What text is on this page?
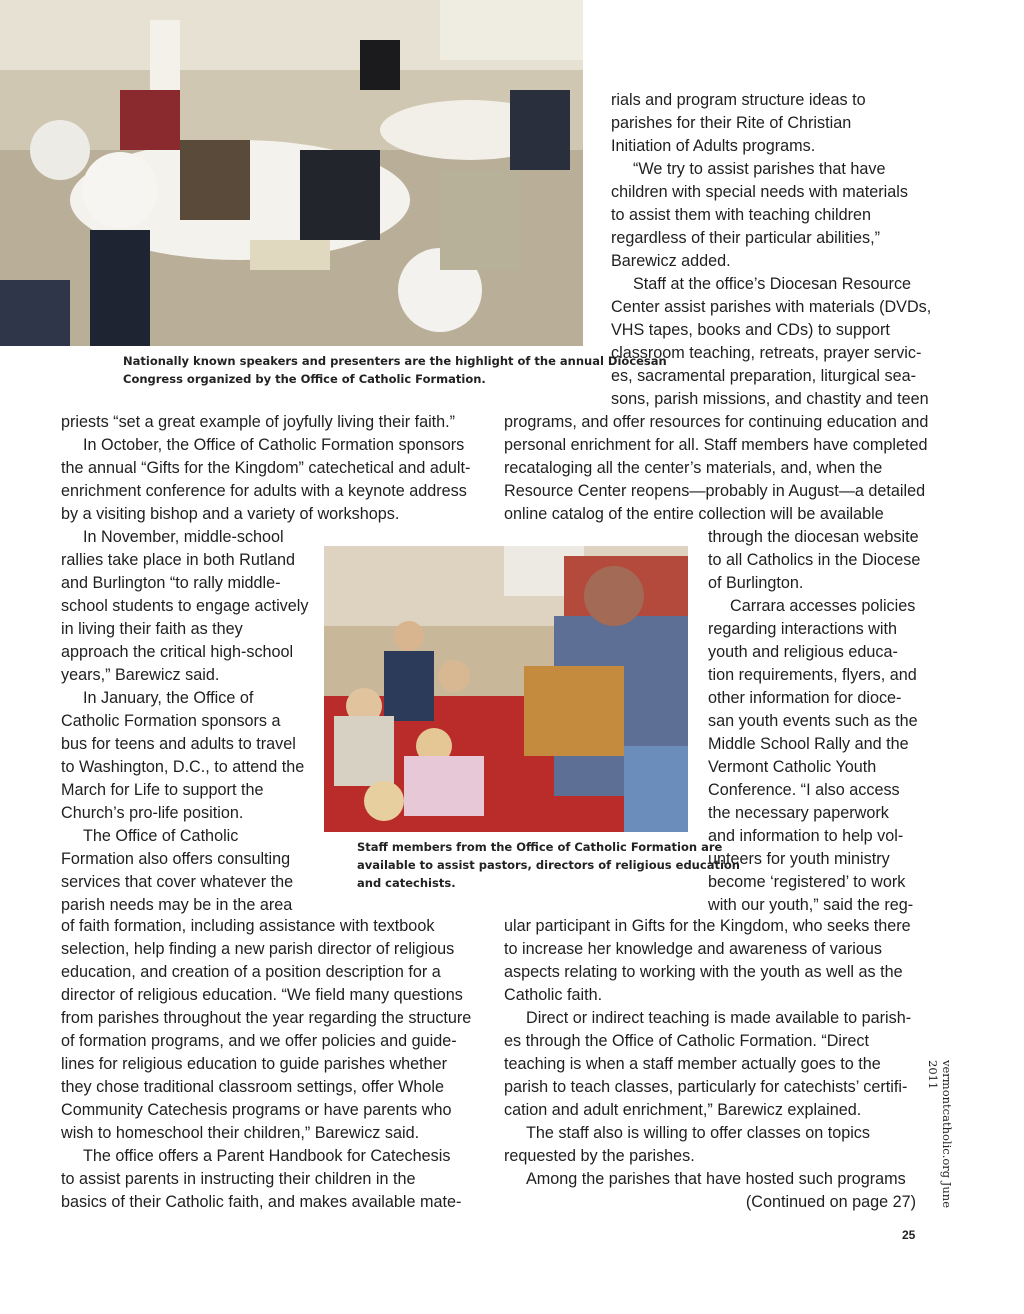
Nationally known speakers and presenters are the highlight of the annual Diocesan
Congress organized by the Office of Catholic Formation.
Staff members from the Office of Catholic Formation are
available to assist pastors, directors of religious education
and catechists.
rials and program structure ideas to
parishes for their Rite of Christian
Initiation of Adults programs.
“We try to assist parishes that have
children with special needs with materials
to assist them with teaching children
regardless of their particular abilities,”
Barewicz added.
Staff at the office’s Diocesan Resource
Center assist parishes with materials (DVDs,
VHS tapes, books and CDs) to support
classroom teaching, retreats, prayer servic-
es, sacramental preparation, liturgical sea-
sons, parish missions, and chastity and teen
programs, and offer resources for continuing education and
personal enrichment for all. Staff members have completed
recataloging all the center’s materials, and, when the
Resource Center reopens—probably in August—a detailed
online catalog of the entire collection will be available
through the diocesan website
to all Catholics in the Diocese
of Burlington.
Carrara accesses policies
regarding interactions with
youth and religious educa-
tion requirements, flyers, and
other information for dioce-
san youth events such as the
Middle School Rally and the
Vermont Catholic Youth
Conference. “I also access
the necessary paperwork
and information to help vol-
unteers for youth ministry
become ‘registered’ to work
with our youth,” said the reg-
ular participant in Gifts for the Kingdom, who seeks there
to increase her knowledge and awareness of various
aspects relating to working with the youth as well as the
Catholic faith.
Direct or indirect teaching is made available to parish-
es through the Office of Catholic Formation. “Direct
teaching is when a staff member actually goes to the
parish to teach classes, particularly for catechists’ certifi-
cation and adult enrichment,” Barewicz explained.
The staff also is willing to offer classes on topics
requested by the parishes.
Among the parishes that have hosted such programs
(Continued on page 27)
priests “set a great example of joyfully living their faith.”
In October, the Office of Catholic Formation sponsors
the annual “Gifts for the Kingdom” catechetical and adult-
enrichment conference for adults with a keynote address
by a visiting bishop and a variety of workshops.
In November, middle-school
rallies take place in both Rutland
and Burlington “to rally middle-
school students to engage actively
in living their faith as they
approach the critical high-school
years,” Barewicz said.
In January, the Office of
Catholic Formation sponsors a
bus for teens and adults to travel
to Washington, D.C., to attend the
March for Life to support the
Church’s pro-life position.
The Office of Catholic
Formation also offers consulting
services that cover whatever the
parish needs may be in the area
of faith formation, including assistance with textbook
selection, help finding a new parish director of religious
education, and creation of a position description for a
director of religious education. “We field many questions
from parishes throughout the year regarding the structure
of formation programs, and we offer policies and guide-
lines for religious education to guide parishes whether
they chose traditional classroom settings, offer Whole
Community Catechesis programs or have parents who
wish to homeschool their children,” Barewicz said.
The office offers a Parent Handbook for Catechesis
to assist parents in instructing their children in the
basics of their Catholic faith, and makes available mate-	vermontcatholic.org June 2011
25
